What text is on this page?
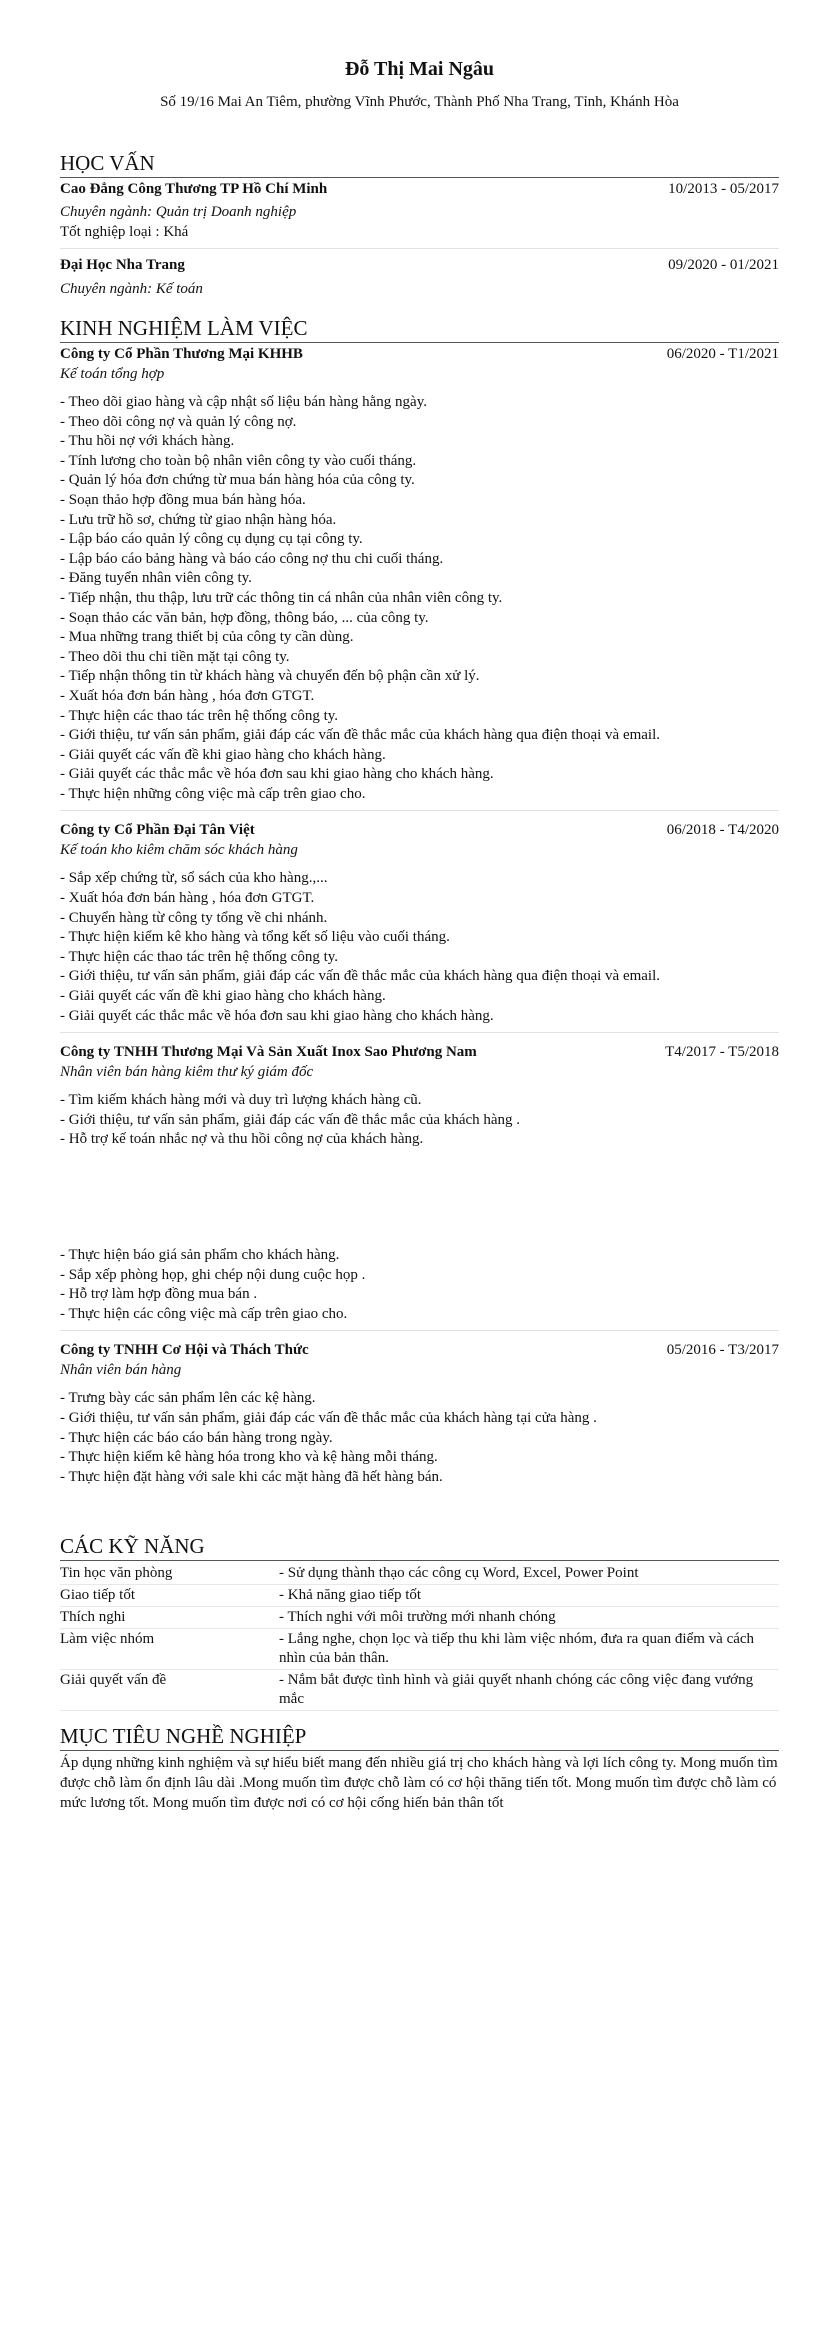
Đỗ Thị Mai Ngâu
Số 19/16 Mai An Tiêm, phường Vĩnh Phước, Thành Phố Nha Trang, Tỉnh, Khánh Hòa
HỌC VẤN
Cao Đẳng Công Thương TP Hồ Chí Minh	10/2013 - 05/2017
Chuyên ngành: Quản trị Doanh nghiệp
Tốt nghiệp loại : Khá
Đại Học Nha Trang	09/2020 - 01/2021
Chuyên ngành: Kế toán
KINH NGHIỆM LÀM VIỆC
Công ty Cổ Phần Thương Mại KHHB	06/2020 - T1/2021
Kế toán tổng hợp
- Theo dõi giao hàng và cập nhật số liệu bán hàng hằng ngày.
- Theo dõi công nợ và quản lý công nợ.
- Thu hồi nợ với khách hàng.
- Tính lương cho toàn bộ nhân viên công ty vào cuối tháng.
- Quản lý hóa đơn chứng từ mua bán hàng hóa của công ty.
- Soạn thảo hợp đồng mua bán hàng hóa.
- Lưu trữ hồ sơ, chứng từ giao nhận hàng hóa.
- Lập báo cáo quản lý công cụ dụng cụ tại công ty.
- Lập báo cáo bảng hàng và báo cáo công nợ thu chi cuối tháng.
- Đăng tuyển nhân viên công ty.
- Tiếp nhận, thu thập, lưu trữ các thông tin cá nhân của nhân viên công ty.
- Soạn thảo các văn bản, hợp đồng, thông báo, ... của công ty.
- Mua những trang thiết bị của công ty cần dùng.
- Theo dõi thu chi tiền mặt tại công ty.
- Tiếp nhận thông tin từ khách hàng và chuyển đến bộ phận cần xử lý.
- Xuất hóa đơn bán hàng , hóa đơn GTGT.
- Thực hiện các thao tác trên hệ thống công ty.
- Giới thiệu, tư vấn sản phẩm, giải đáp các vấn đề thắc mắc của khách hàng qua điện thoại và email.
- Giải quyết các vấn đề khi giao hàng cho khách hàng.
- Giải quyết các thắc mắc về hóa đơn sau khi giao hàng cho khách hàng.
- Thực hiện những công việc mà cấp trên giao cho.
Công ty Cổ Phần Đại Tân Việt	06/2018 - T4/2020
Kế toán kho kiêm chăm sóc khách hàng
- Sắp xếp chứng từ, sổ sách của kho hàng.,...
- Xuất hóa đơn bán hàng , hóa đơn GTGT.
- Chuyển hàng từ công ty tổng về chi nhánh.
- Thực hiện kiểm kê kho hàng và tổng kết số liệu vào cuối tháng.
- Thực hiện các thao tác trên hệ thống công ty.
- Giới thiệu, tư vấn sản phẩm, giải đáp các vấn đề thắc mắc của khách hàng qua điện thoại và email.
- Giải quyết các vấn đề khi giao hàng cho khách hàng.
- Giải quyết các thắc mắc về hóa đơn sau khi giao hàng cho khách hàng.
Công ty TNHH Thương Mại Và Sản Xuất Inox Sao Phương Nam	T4/2017 - T5/2018
Nhân viên bán hàng kiêm thư ký giám đốc
- Tìm kiếm khách hàng mới và duy trì lượng khách hàng cũ.
- Giới thiệu, tư vấn sản phẩm, giải đáp các vấn đề thắc mắc của khách hàng .
- Hỗ trợ kế toán nhắc nợ và thu hồi công nợ của khách hàng.
- Thực hiện báo giá sản phẩm cho khách hàng.
- Sắp xếp phòng họp, ghi chép nội dung cuộc họp .
- Hỗ trợ làm hợp đồng mua bán .
- Thực hiện các công việc mà cấp trên giao cho.
Công ty TNHH Cơ Hội và Thách Thức	05/2016 - T3/2017
Nhân viên bán hàng
- Trưng bày các sản phẩm lên các kệ hàng.
- Giới thiệu, tư vấn sản phẩm, giải đáp các vấn đề thắc mắc của khách hàng tại cửa hàng .
- Thực hiện các báo cáo bán hàng trong ngày.
- Thực hiện kiểm kê hàng hóa trong kho và kệ hàng mỗi tháng.
- Thực hiện đặt hàng với sale khi các mặt hàng đã hết hàng bán.
CÁC KỸ NĂNG
Tin học văn phòng	- Sử dụng thành thạo các công cụ Word, Excel, Power Point
Giao tiếp tốt	- Khả năng giao tiếp tốt
Thích nghi	- Thích nghi với môi trường mới nhanh chóng
Làm việc nhóm	- Lắng nghe, chọn lọc và tiếp thu khi làm việc nhóm, đưa ra quan điểm và cách nhìn của bản thân.
Giải quyết vấn đề	- Nắm bắt được tình hình và giải quyết nhanh chóng các công việc đang vướng mắc
MỤC TIÊU NGHỀ NGHIỆP
Áp dụng những kinh nghiệm và sự hiểu biết mang đến nhiều giá trị cho khách hàng và lợi lích công ty. Mong muốn tìm được chỗ làm ổn định lâu dài .Mong muốn tìm được chỗ làm có cơ hội thăng tiến tốt. Mong muốn tìm được chỗ làm có mức lương tốt. Mong muốn tìm được nơi có cơ hội cống hiến bản thân tốt
